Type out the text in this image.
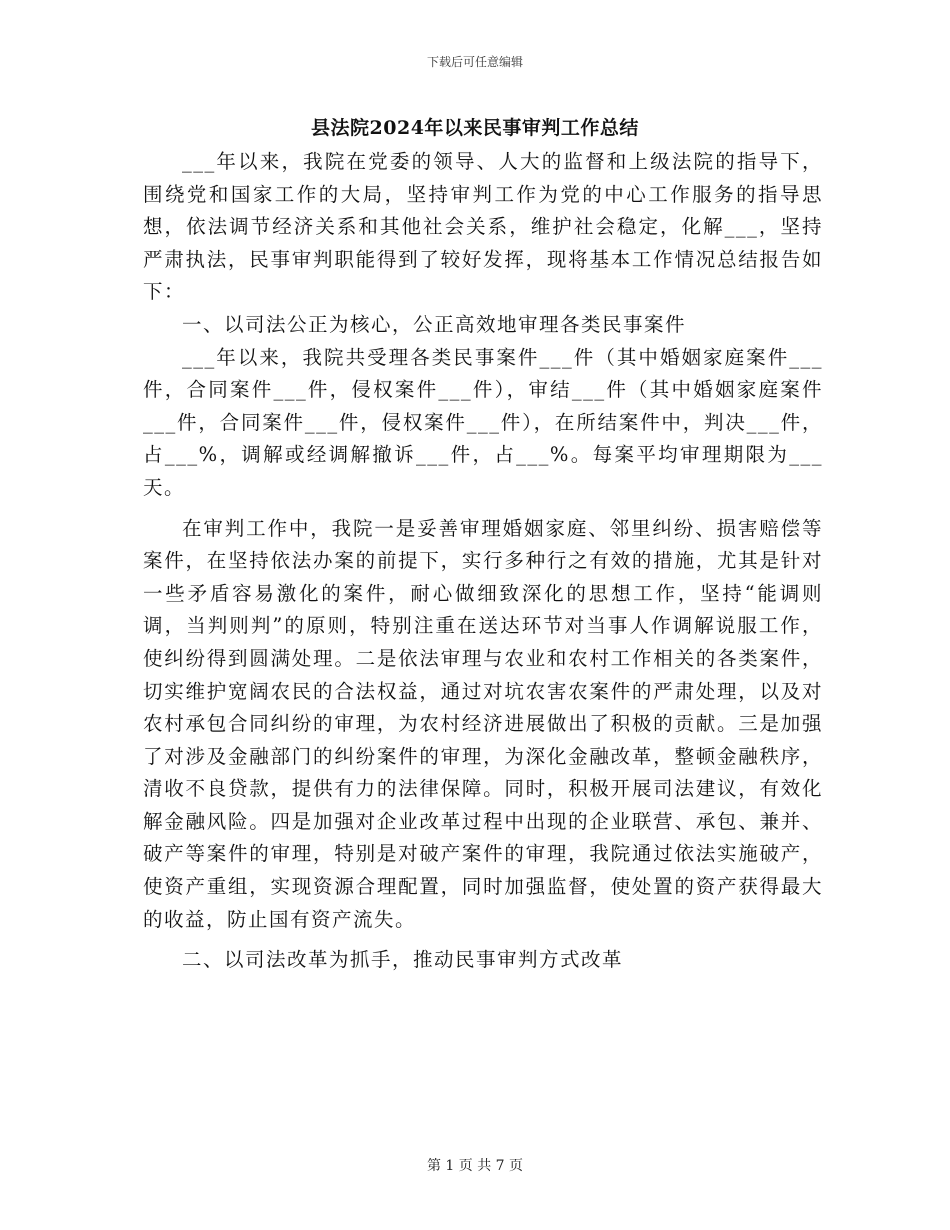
下载后可任意编辑
县法院2024年以来民事审判工作总结

___年以来，我院在党委的领导、人大的监督和上级法院的指导下，围绕党和国家工作的大局，坚持审判工作为党的中心工作服务的指导思想，依法调节经济关系和其他社会关系，维护社会稳定，化解___，坚持严肃执法，民事审判职能得到了较好发挥，现将基本工作情况总结报告如下：

一、以司法公正为核心，公正高效地审理各类民事案件

___年以来，我院共受理各类民事案件___件（其中婚姻家庭案件___件，合同案件___件，侵权案件___件），审结___件（其中婚姻家庭案件___件，合同案件___件，侵权案件___件），在所结案件中，判决___件，占___%，调解或经调解撤诉___件，占___%。每案平均审理期限为___天。

在审判工作中，我院一是妥善审理婚姻家庭、邻里纠纷、损害赔偿等案件，在坚持依法办案的前提下，实行多种行之有效的措施，尤其是针对一些矛盾容易激化的案件，耐心做细致深化的思想工作，坚持“能调则调，当判则判”的原则，特别注重在送达环节对当事人作调解说服工作，使纠纷得到圆满处理。二是依法审理与农业和农村工作相关的各类案件，切实维护宽阔农民的合法权益，通过对坑农害农案件的严肃处理，以及对农村承包合同纠纷的审理，为农村经济进展做出了积极的贡献。三是加强了对涉及金融部门的纠纷案件的审理，为深化金融改革，整顿金融秩序，清收不良贷款，提供有力的法律保障。同时，积极开展司法建议，有效化解金融风险。四是加强对企业改革过程中出现的企业联营、承包、兼并、破产等案件的审理，特别是对破产案件的审理，我院通过依法实施破产，使资产重组，实现资源合理配置，同时加强监督，使处置的资产获得最大的收益，防止国有资产流失。

二、以司法改革为抓手，推动民事审判方式改革

第 1 页 共 7 页
